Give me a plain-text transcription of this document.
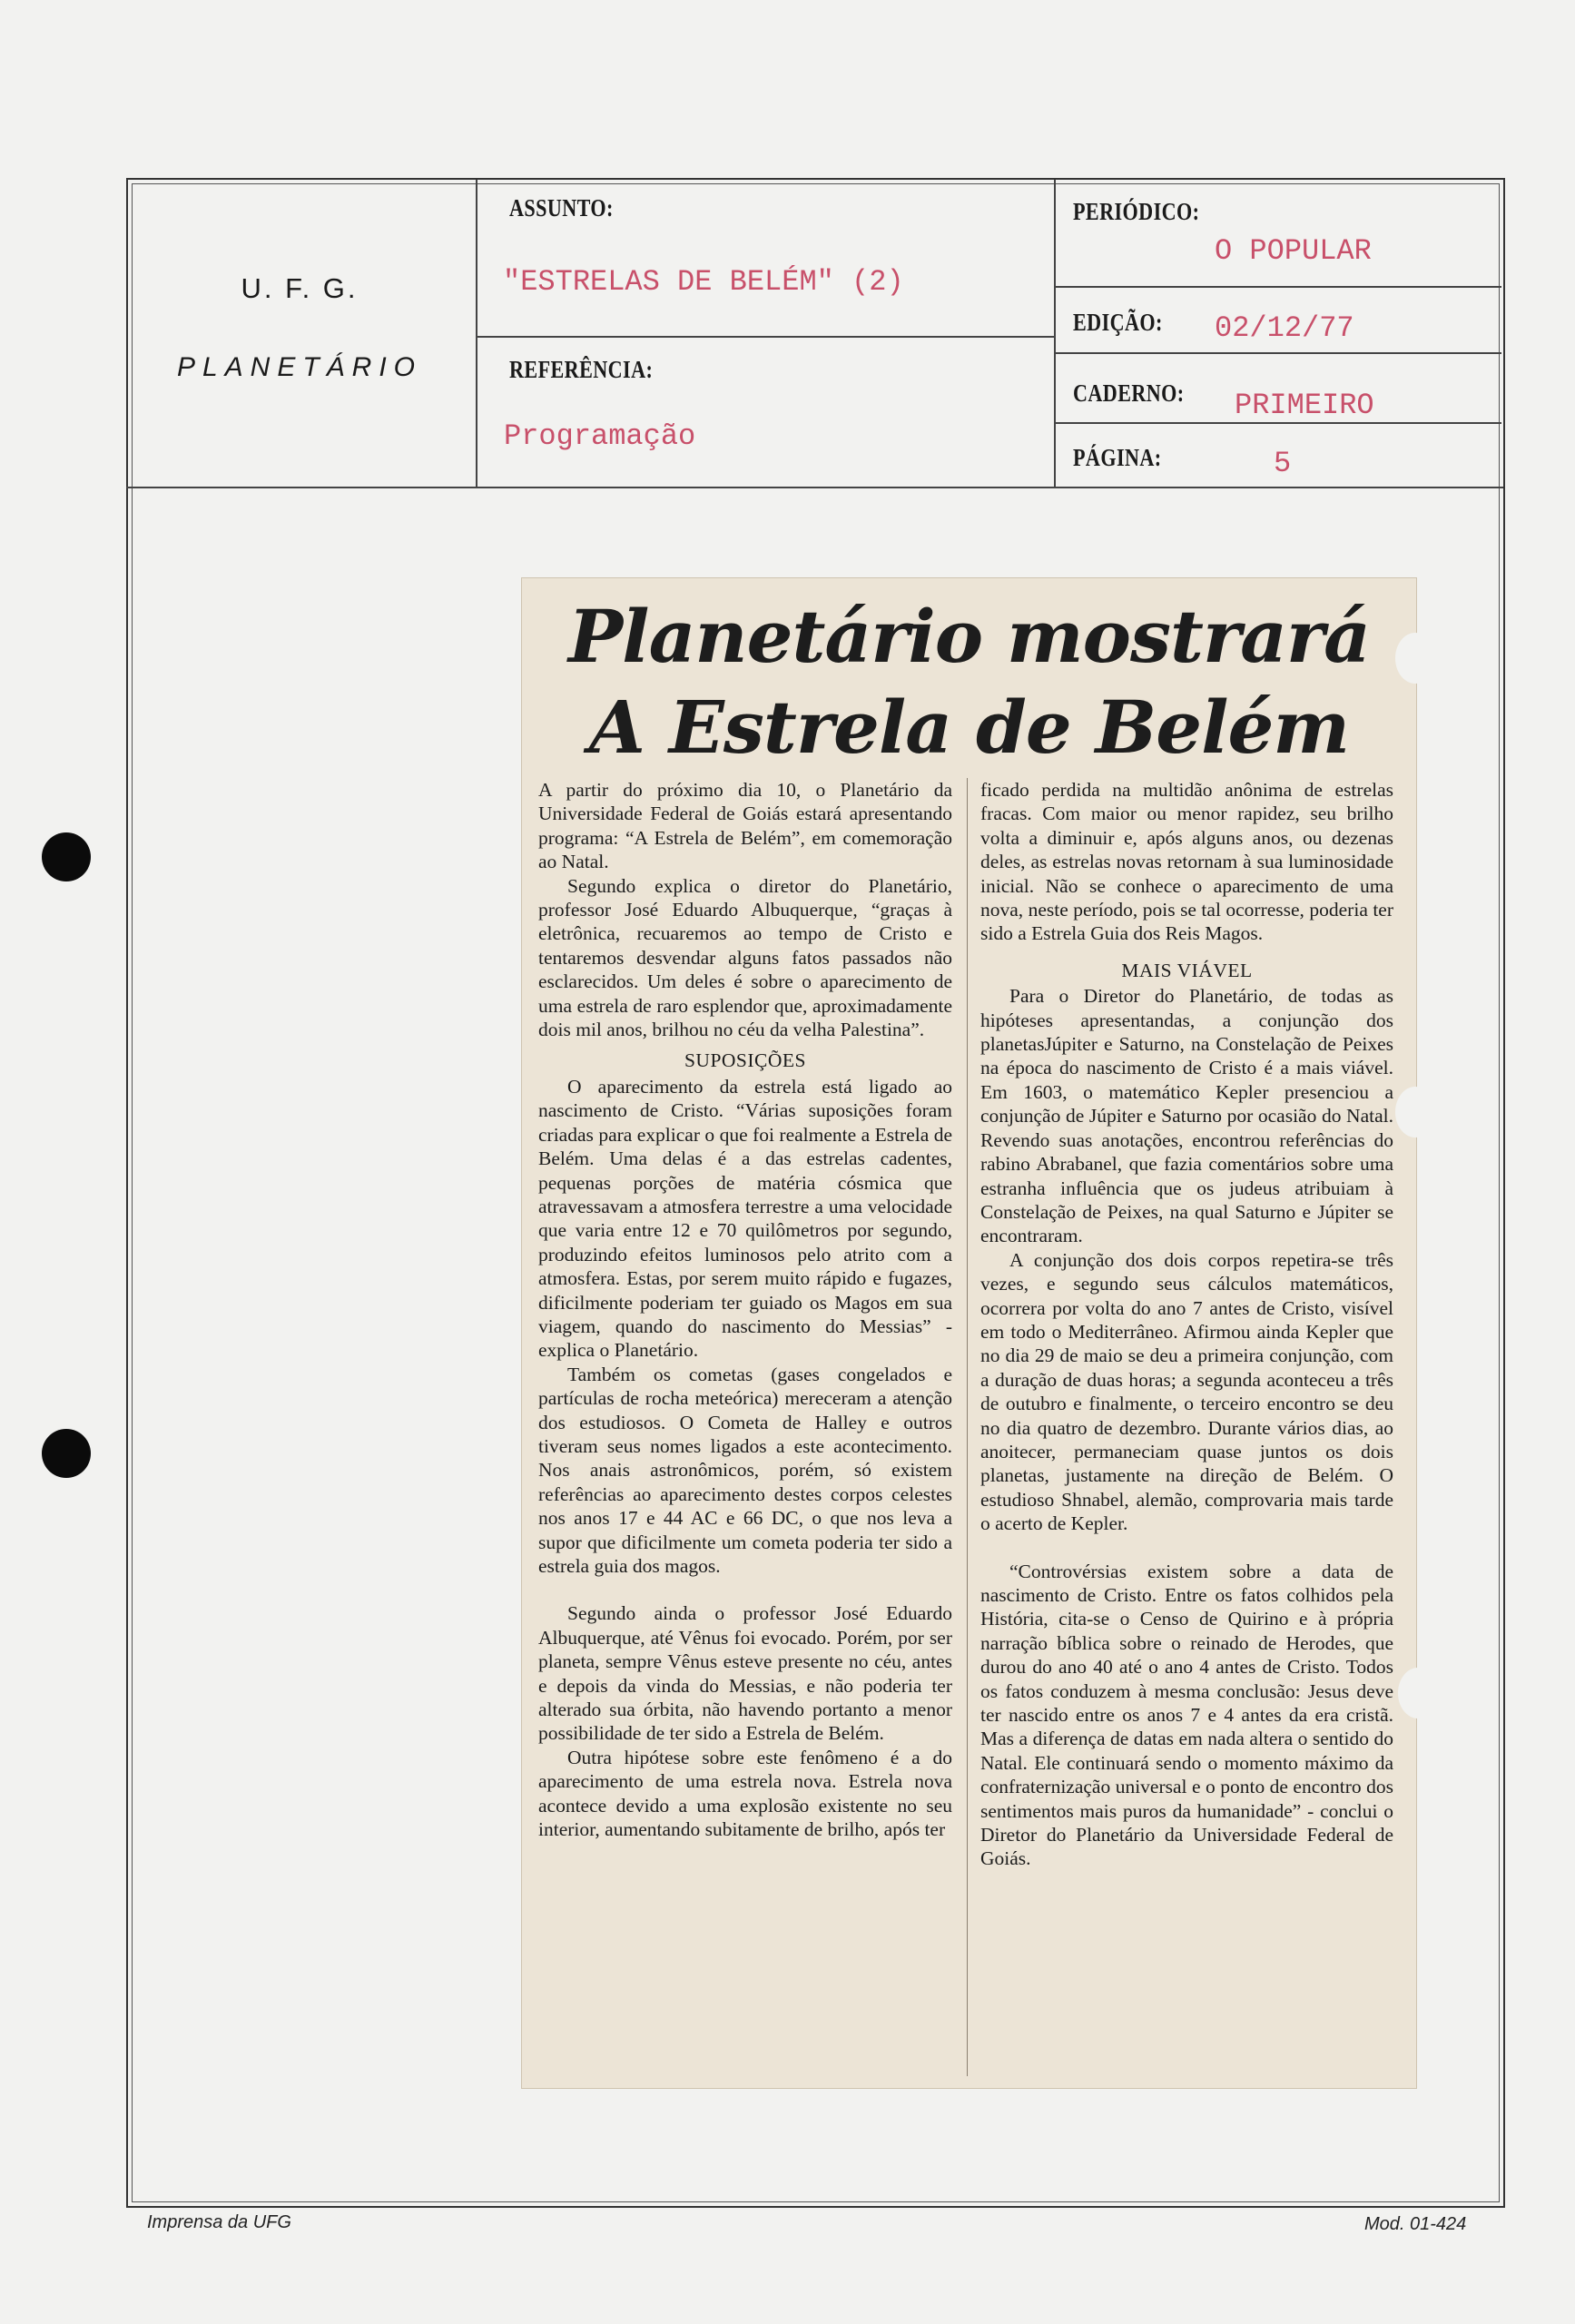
U. F. G.
PLANETÁRIO
ASSUNTO:
"ESTRELAS DE BELÉM" (2)
REFERÊNCIA:
Programação
PERIÓDICO:
O POPULAR
EDIÇÃO: 02/12/77
CADERNO: PRIMEIRO
PÁGINA:	5
Planetário mostrará
A Estrela de Belém

A partir do próximo dia 10, o Planetário da Universidade Federal de Goiás estará apresentando programa: “A Estrela de Belém”, em comemoração ao Natal.

Segundo explica o diretor do Planetário, professor José Eduardo Albuquerque, “graças à eletrônica, recuaremos ao tempo de Cristo e tentaremos desvendar alguns fatos passados não esclarecidos. Um deles é sobre o aparecimento de uma estrela de raro esplendor que, aproximadamente dois mil anos, brilhou no céu da velha Palestina”.

SUPOSIÇÕES

O aparecimento da estrela está ligado ao nascimento de Cristo. “Várias suposições foram criadas para explicar o que foi realmente a Estrela de Belém. Uma delas é a das estrelas cadentes, pequenas porções de matéria cósmica que atravessavam a atmosfera terrestre a uma velocidade que varia entre 12 e 70 quilômetros por segundo, produzindo efeitos luminosos pelo atrito com a atmosfera. Estas, por serem muito rápido e fugazes, dificilmente poderiam ter guiado os Magos em sua viagem, quando do nascimento do Messias” - explica o Planetário.

Também os cometas (gases congelados e partículas de rocha meteórica) mereceram a atenção dos estudiosos. O Cometa de Halley e outros tiveram seus nomes ligados a este acontecimento. Nos anais astronômicos, porém, só existem referências ao aparecimento destes corpos celestes nos anos 17 e 44 AC e 66 DC, o que nos leva a supor que dificilmente um cometa poderia ter sido a estrela guia dos magos.

Segundo ainda o professor José Eduardo Albuquerque, até Vênus foi evocado. Porém, por ser planeta, sempre Vênus esteve presente no céu, antes e depois da vinda do Messias, e não poderia ter alterado sua órbita, não havendo portanto a menor possibilidade de ter sido a Estrela de Belém.

Outra hipótese sobre este fenômeno é a do aparecimento de uma estrela nova. Estrela nova acontece devido a uma explosão existente no seu interior, aumentando subitamente de brilho, após ter

ficado perdida na multidão anônima de estrelas fracas. Com maior ou menor rapidez, seu brilho volta a diminuir e, após alguns anos, ou dezenas deles, as estrelas novas retornam à sua luminosidade inicial. Não se conhece o aparecimento de uma nova, neste período, pois se tal ocorresse, poderia ter sido a Estrela Guia dos Reis Magos.

MAIS VIÁVEL

Para o Diretor do Planetário, de todas as hipóteses apresentandas, a conjunção dos planetasJúpiter e Saturno, na Constelação de Peixes na época do nascimento de Cristo é a mais viável. Em 1603, o matemático Kepler presenciou a conjunção de Júpiter e Saturno por ocasião do Natal. Revendo suas anotações, encontrou referências do rabino Abrabanel, que fazia comentários sobre uma estranha influência que os judeus atribuiam à Constelação de Peixes, na qual Saturno e Júpiter se encontraram.

A conjunção dos dois corpos repetira-se três vezes, e segundo seus cálculos matemáticos, ocorrera por volta do ano 7 antes de Cristo, visível em todo o Mediterrâneo. Afirmou ainda Kepler que no dia 29 de maio se deu a primeira conjunção, com a duração de duas horas; a segunda aconteceu a três de outubro e finalmente, o terceiro encontro se deu no dia quatro de dezembro. Durante vários dias, ao anoitecer, permaneciam quase juntos os dois planetas, justamente na direção de Belém. O estudioso Shnabel, alemão, comprovaria mais tarde o acerto de Kepler.

“Controvérsias existem sobre a data de nascimento de Cristo. Entre os fatos colhidos pela História, cita-se o Censo de Quirino e à própria narração bíblica sobre o reinado de Herodes, que durou do ano 40 até o ano 4 antes de Cristo. Todos os fatos conduzem à mesma conclusão: Jesus deve ter nascido entre os anos 7 e 4 antes da era cristã. Mas a diferença de datas em nada altera o sentido do Natal. Ele continuará sendo o momento máximo da confraternização universal e o ponto de encontro dos sentimentos mais puros da humanidade” - conclui o Diretor do Planetário da Universidade Federal de Goiás.

Imprensa da UFG	Mod. 01-424
